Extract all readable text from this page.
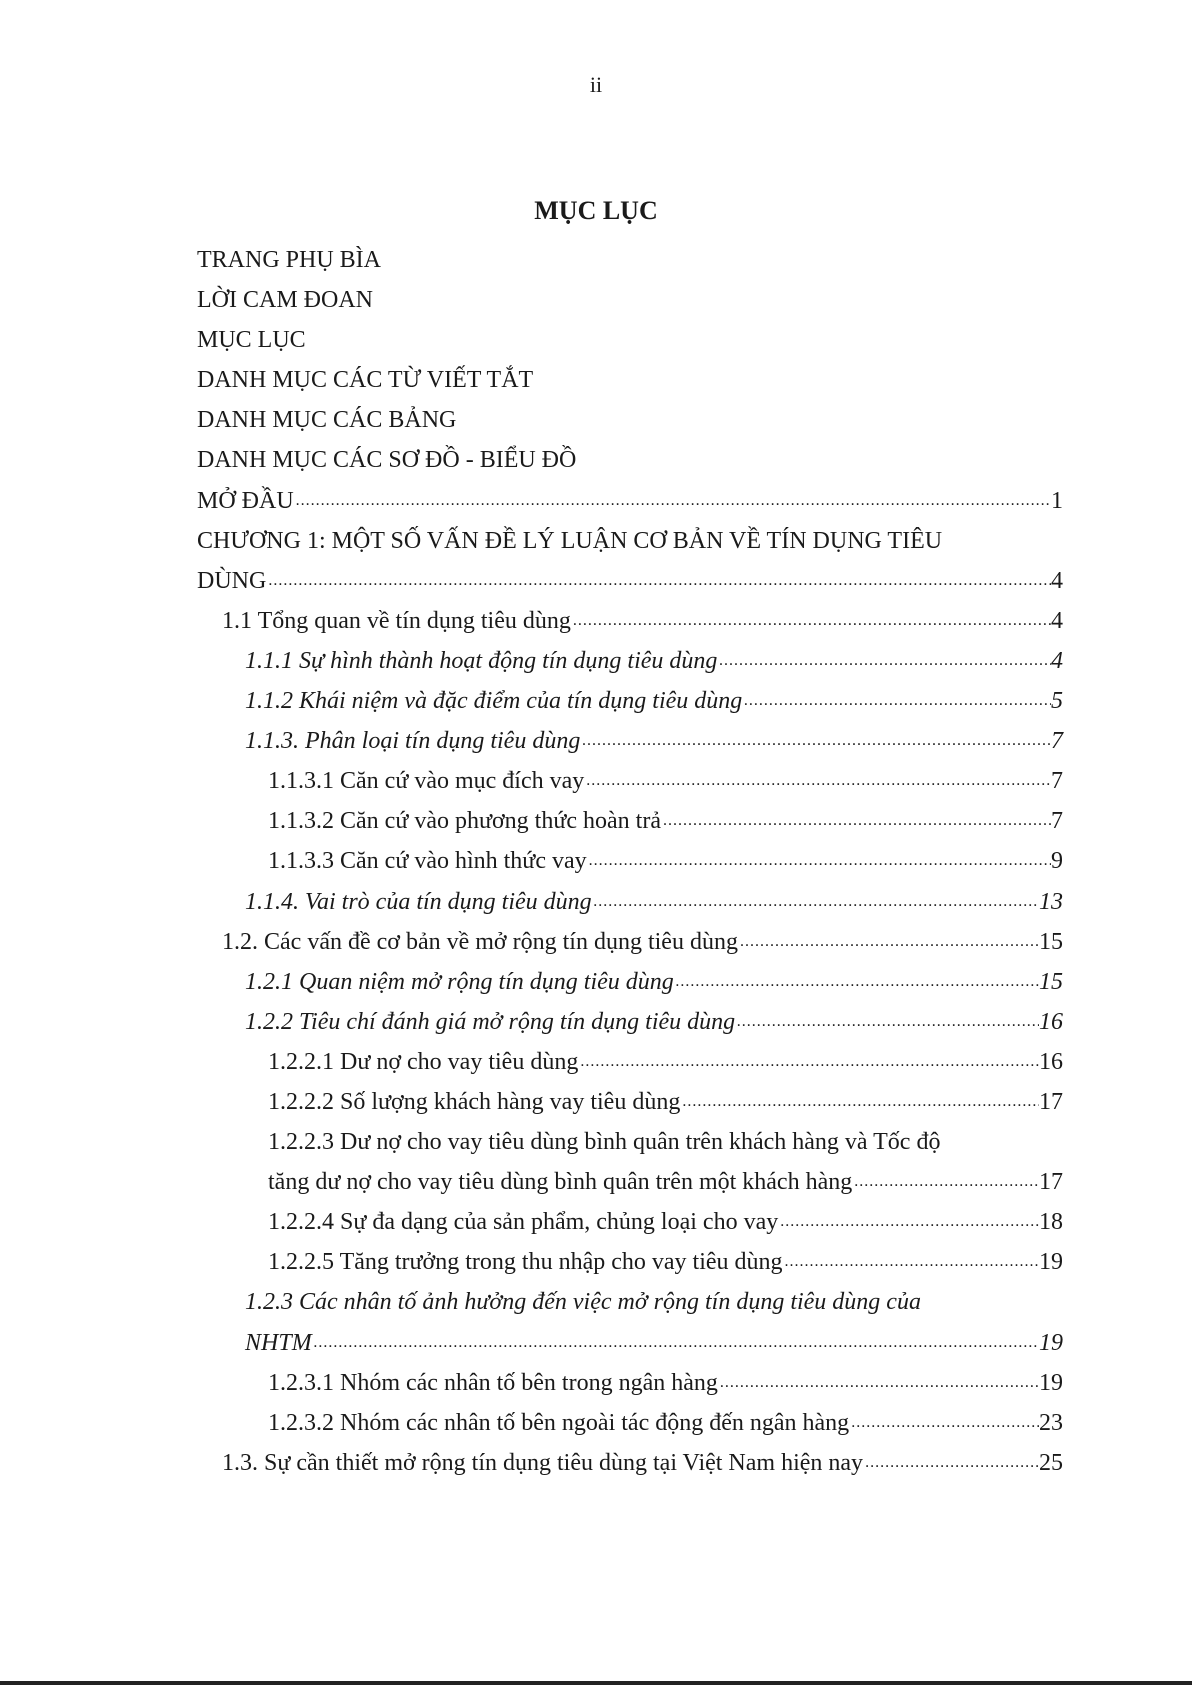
ii
MỤC LỤC
TRANG PHỤ BÌA
LỜI CAM ĐOAN
MỤC LỤC
DANH MỤC CÁC TỪ VIẾT TẮT
DANH MỤC CÁC BẢNG
DANH MỤC CÁC SƠ ĐỒ - BIỂU ĐỒ
MỞ ĐẦU .....	1
CHƯƠNG 1: MỘT SỐ VẤN ĐỀ LÝ LUẬN CƠ BẢN VỀ TÍN DỤNG TIÊU
DÙNG .....	4
1.1 Tổng quan về tín dụng tiêu dùng .....	4
1.1.1 Sự hình thành hoạt động tín dụng tiêu dùng .....	4
1.1.2 Khái niệm và đặc điểm của tín dụng tiêu dùng .....	5
1.1.3. Phân loại tín dụng tiêu dùng .....	7
1.1.3.1 Căn cứ vào mục đích vay .....	7
1.1.3.2 Căn cứ vào phương thức hoàn trả .....	7
1.1.3.3 Căn cứ vào hình thức vay .....	9
1.1.4. Vai trò của tín dụng tiêu dùng .....	13
1.2. Các vấn đề cơ bản về mở rộng tín dụng tiêu dùng .....	15
1.2.1 Quan niệm mở rộng tín dụng tiêu dùng .....	15
1.2.2 Tiêu chí đánh giá mở rộng tín dụng tiêu dùng .....	16
1.2.2.1 Dư nợ cho vay tiêu dùng .....	16
1.2.2.2 Số lượng khách hàng vay tiêu dùng .....	17
1.2.2.3 Dư nợ cho vay tiêu dùng bình quân trên khách hàng và Tốc độ
tăng dư nợ cho vay tiêu dùng bình quân trên một khách hàng .....	17
1.2.2.4 Sự đa dạng của sản phẩm, chủng loại cho vay .....	18
1.2.2.5 Tăng trưởng trong thu nhập cho vay tiêu dùng .....	19
1.2.3 Các nhân tố ảnh hưởng đến việc mở rộng tín dụng tiêu dùng của
NHTM .....	19
1.2.3.1 Nhóm các nhân tố bên trong ngân hàng .....	19
1.2.3.2 Nhóm các nhân tố bên ngoài tác động đến ngân hàng .....	23
1.3. Sự cần thiết mở rộng tín dụng tiêu dùng tại Việt Nam hiện nay .....	25
